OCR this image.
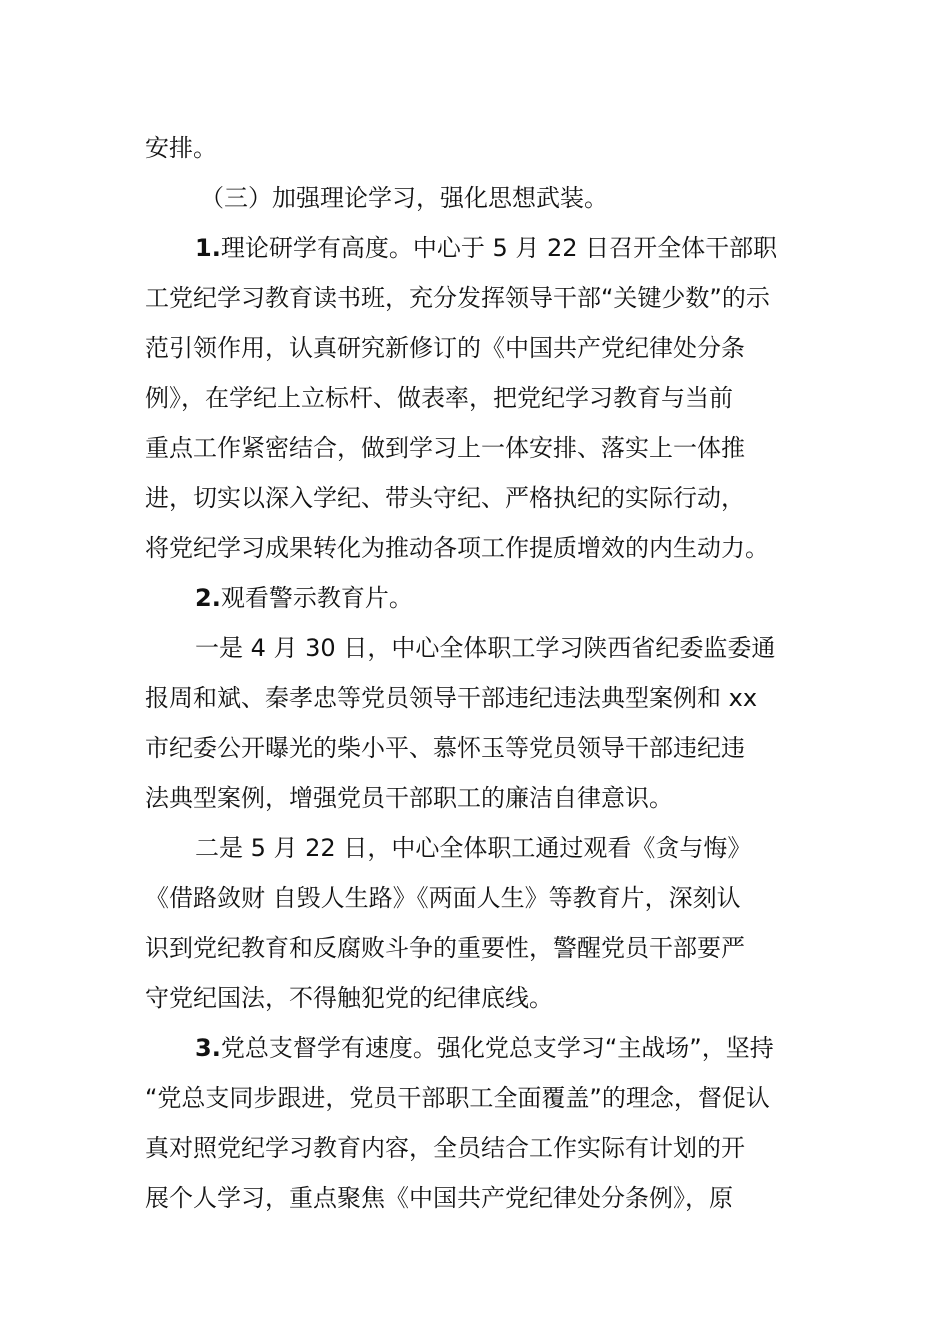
安排。

（三）加强理论学习，强化思想武装。

1.理论研学有高度。中心于 5 月 22 日召开全体干部职

工党纪学习教育读书班，充分发挥领导干部“关键少数”的示

范引领作用，认真研究新修订的《中国共产党纪律处分条

例》，在学纪上立标杆、做表率，把党纪学习教育与当前

重点工作紧密结合，做到学习上一体安排、落实上一体推

进，切实以深入学纪、带头守纪、严格执纪的实际行动，

将党纪学习成果转化为推动各项工作提质增效的内生动力。

2.观看警示教育片。

一是 4 月 30 日，中心全体职工学习陕西省纪委监委通

报周和斌、秦孝忠等党员领导干部违纪违法典型案例和 xx

市纪委公开曝光的柴小平、慕怀玉等党员领导干部违纪违

法典型案例，增强党员干部职工的廉洁自律意识。

二是 5 月 22 日，中心全体职工通过观看《贪与悔》

《借路敛财 自毁人生路》《两面人生》等教育片，深刻认

识到党纪教育和反腐败斗争的重要性，警醒党员干部要严

守党纪国法，不得触犯党的纪律底线。

3.党总支督学有速度。强化党总支学习“主战场”，坚持

“党总支同步跟进，党员干部职工全面覆盖”的理念，督促认

真对照党纪学习教育内容，全员结合工作实际有计划的开

展个人学习，重点聚焦《中国共产党纪律处分条例》，原
